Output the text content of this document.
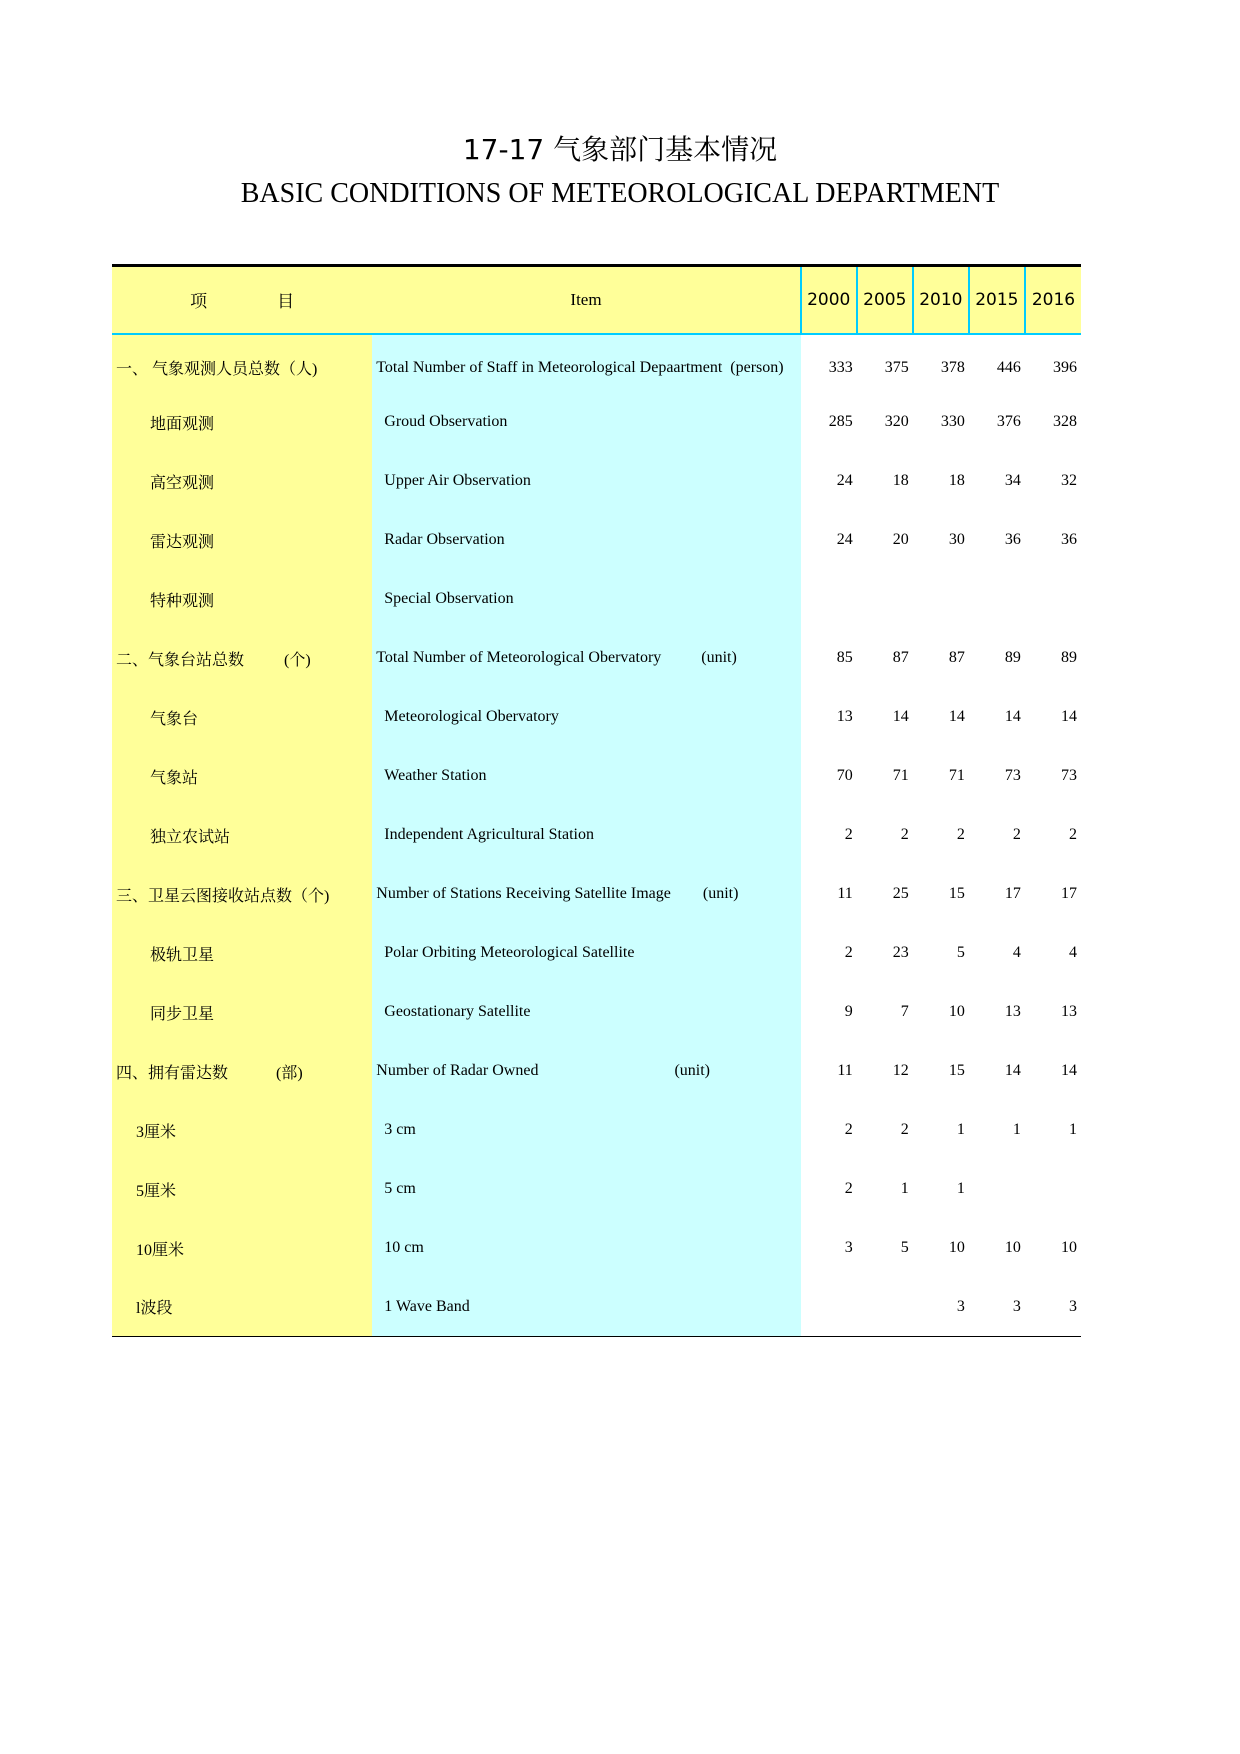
17-17 气象部门基本情况
BASIC CONDITIONS OF METEOROLOGICAL DEPARTMENT
项 目	Item	2000	2005	2010	2015	2016
一、 气象观测人员总数（人)	Total Number of Staff in Meteorological Depaartment  (person)	333	375	378	446	396
地面观测	Groud Observation	285	320	330	376	328
高空观测	Upper Air Observation	24	18	18	34	32
雷达观测	Radar Observation	24	20	30	36	36
特种观测	Special Observation					
二、气象台站总数          (个)	Total Number of Meteorological Obervatory          (unit)	85	87	87	89	89
气象台	Meteorological Obervatory	13	14	14	14	14
气象站	Weather Station	70	71	71	73	73
独立农试站	Independent Agricultural Station	2	2	2	2	2
三、卫星云图接收站点数（个)	Number of Stations Receiving Satellite Image        (unit)	11	25	15	17	17
极轨卫星	Polar Orbiting Meteorological Satellite	2	23	5	4	4
同步卫星	Geostationary Satellite	9	7	10	13	13
四、拥有雷达数            (部)	Number of Radar Owned                                  (unit)	11	12	15	14	14
3厘米	3 cm	2	2	1	1	1
5厘米	5 cm	2	1	1		
10厘米	10 cm	3	5	10	10	10
l波段	1 Wave Band			3	3	3
